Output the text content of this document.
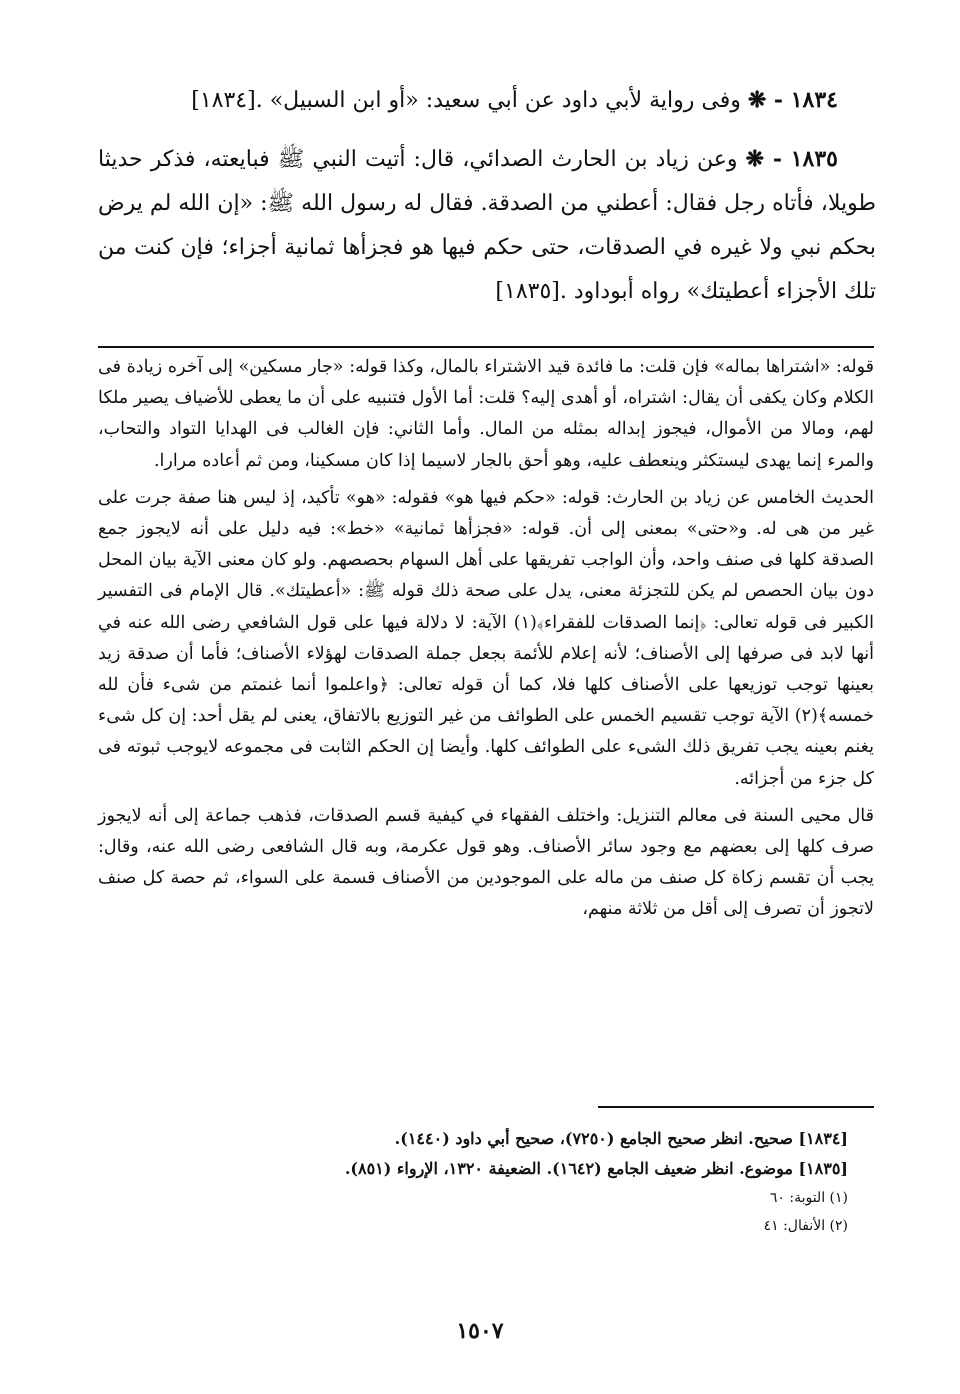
١٨٣٤ - ❋ وفى رواية لأبي داود عن أبي سعيد: «أو ابن السبيل» .[١٨٣٤]

١٨٣٥ - ❋ وعن زياد بن الحارث الصدائي، قال: أتيت النبي ﷺ فبايعته، فذكر حديثا طويلا، فأتاه رجل فقال: أعطني من الصدقة. فقال له رسول الله ﷺ: «إن الله لم يرض بحكم نبي ولا غيره في الصدقات، حتى حكم فيها هو فجزأها ثمانية أجزاء؛ فإن كنت من تلك الأجزاء أعطيتك» رواه أبوداود .[١٨٣٥]

قوله: «اشتراها بماله» فإن قلت: ما فائدة قيد الاشتراء بالمال، وكذا قوله: «جار مسكين» إلى آخره زيادة فى الكلام وكان يكفى أن يقال: اشتراه، أو أهدى إليه؟ قلت: أما الأول فتنبيه على أن ما يعطى للأضياف يصير ملكا لهم، ومالا من الأموال، فيجوز إبداله بمثله من المال. وأما الثاني: فإن الغالب فى الهدايا التواد والتحاب، والمرء إنما يهدى ليستكثر وينعطف عليه، وهو أحق بالجار لاسيما إذا كان مسكينا، ومن ثم أعاده مرارا.

الحديث الخامس عن زياد بن الحارث: قوله: «حكم فيها هو» فقوله: «هو» تأكيد، إذ ليس هنا صفة جرت على غير من هى له. و«حتى» بمعنى إلى أن. قوله: «فجزأها ثمانية» «خط»: فيه دليل على أنه لايجوز جمع الصدقة كلها فى صنف واحد، وأن الواجب تفريقها على أهل السهام بحصصهم. ولو كان معنى الآية بيان المحل دون بيان الحصص لم يكن للتجزئة معنى، يدل على صحة ذلك قوله ﷺ: «أعطيتك». قال الإمام فى التفسير الكبير فى قوله تعالى: ﴿إنما الصدقات للفقراء﴾(١) الآية: لا دلالة فيها على قول الشافعي رضى الله عنه في أنها لابد فى صرفها إلى الأصناف؛ لأنه إعلام للأئمة بجعل جملة الصدقات لهؤلاء الأصناف؛ فأما أن صدقة زيد بعينها توجب توزيعها على الأصناف كلها فلا، كما أن قوله تعالى: ﴿واعلموا أنما غنمتم من شىء فأن لله خمسه﴾(٢) الآية توجب تقسيم الخمس على الطوائف من غير التوزيع بالاتفاق، يعنى لم يقل أحد: إن كل شىء يغنم بعينه يجب تفريق ذلك الشىء على الطوائف كلها. وأيضا إن الحكم الثابت فى مجموعه لايوجب ثبوته فى كل جزء من أجزائه.

قال محيى السنة فى معالم التنزيل: واختلف الفقهاء في كيفية قسم الصدقات، فذهب جماعة إلى أنه لايجوز صرف كلها إلى بعضهم مع وجود سائر الأصناف. وهو قول عكرمة، وبه قال الشافعى رضى الله عنه، وقال: يجب أن تقسم زكاة كل صنف من ماله على الموجودين من الأصناف قسمة على السواء، ثم حصة كل صنف لاتجوز أن تصرف إلى أقل من ثلاثة منهم،

[١٨٣٤] صحيح. انظر صحيح الجامع (٧٢٥٠)، صحيح أبي داود (١٤٤٠).

[١٨٣٥] موضوع. انظر ضعيف الجامع (١٦٤٢). الضعيفة ١٣٢٠، الإرواء (٨٥١).

(١) التوبة: ٦٠

(٢) الأنفال: ٤١

١٥٠٧
